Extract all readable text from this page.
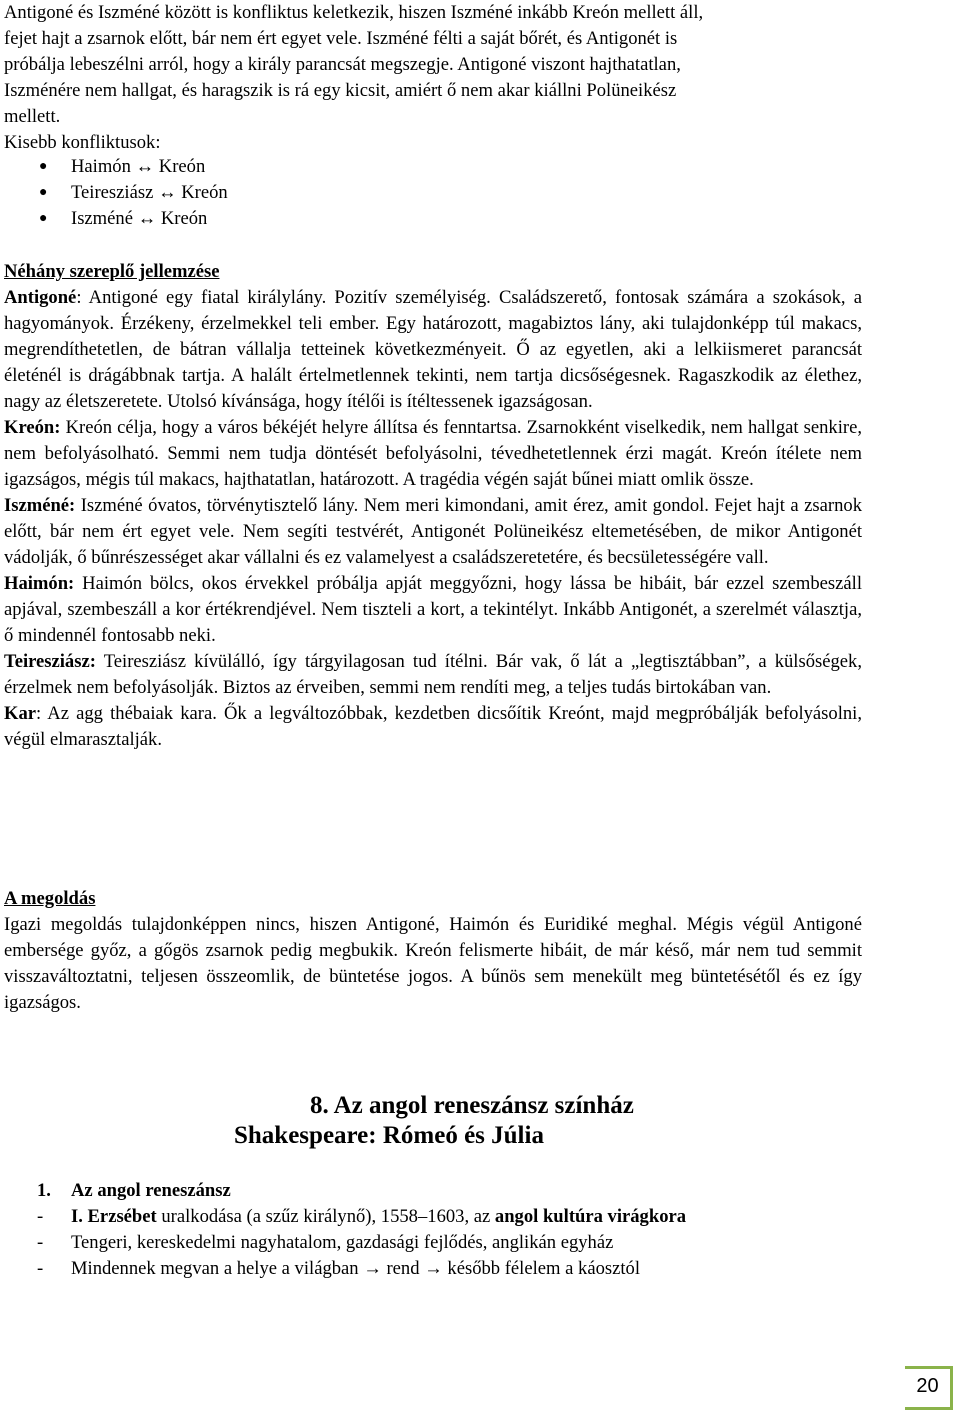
Antigoné és Iszméné között is konfliktus keletkezik, hiszen Iszméné inkább Kreón mellett áll,

fejet hajt a zsarnok előtt, bár nem ért egyet vele. Iszméné félti a saját bőrét, és Antigonét is

próbálja lebeszélni arról, hogy a király parancsát megszegje. Antigoné viszont hajthatatlan,

Iszménére nem hallgat, és haragszik is rá egy kicsit, amiért ő nem akar kiállni Polüneikész

mellett.

Kisebb konfliktusok:
● Haimón ↔ Kreón
● Teiresziász ↔ Kreón
● Iszméné ↔ Kreón
Néhány szereplő jellemzése

Antigoné: Antigoné egy fiatal királylány. Pozitív személyiség. Családszerető, fontosak számára a szokások, a hagyományok. Érzékeny, érzelmekkel teli ember. Egy határozott, magabiztos lány, aki tulajdonképp túl makacs, megrendíthetetlen, de bátran vállalja tetteinek következményeit. Ő az egyetlen, aki a lelkiismeret parancsát életénél is drágábbnak tartja. A halált értelmetlennek tekinti, nem tartja dicsőségesnek. Ragaszkodik az élethez, nagy az életszeretete. Utolsó kívánsága, hogy ítélői is ítéltessenek igazságosan.

Kreón: Kreón célja, hogy a város békéjét helyre állítsa és fenntartsa. Zsarnokként viselkedik, nem hallgat senkire, nem befolyásolható. Semmi nem tudja döntését befolyásolni, tévedhetetlennek érzi magát. Kreón ítélete nem igazságos, mégis túl makacs, hajthatatlan, határozott. A tragédia végén saját bűnei miatt omlik össze.

Iszméné: Iszméné óvatos, törvénytisztelő lány. Nem meri kimondani, amit érez, amit gondol. Fejet hajt a zsarnok előtt, bár nem ért egyet vele. Nem segíti testvérét, Antigonét Polüneikész eltemetésében, de mikor Antigonét vádolják, ő bűnrészességet akar vállalni és ez valamelyest a családszeretetére, és becsületességére vall.

Haimón: Haimón bölcs, okos érvekkel próbálja apját meggyőzni, hogy lássa be hibáit, bár ezzel szembeszáll apjával, szembeszáll a kor értékrendjével. Nem tiszteli a kort, a tekintélyt. Inkább Antigonét, a szerelmét választja, ő mindennél fontosabb neki.

Teiresziász: Teiresziász kívülálló, így tárgyilagosan tud ítélni. Bár vak, ő lát a „legtisztábban”, a külsőségek, érzelmek nem befolyásolják. Biztos az érveiben, semmi nem rendíti meg, a teljes tudás birtokában van.

Kar: Az agg thébaiak kara. Ők a legváltozóbbak, kezdetben dicsőítik Kreónt, majd megpróbálják befolyásolni, végül elmarasztalják.

A megoldás
Igazi megoldás tulajdonképpen nincs, hiszen Antigoné, Haimón és Euridiké meghal. Mégis végül Antigoné embersége győz, a gőgös zsarnok pedig megbukik. Kreón felismerte hibáit, de már késő, már nem tud semmit visszaváltoztatni, teljesen összeomlik, de büntetése jogos. A bűnös sem menekült meg büntetésétől és ez így igazságos.
8. Az angol reneszánsz színház
Shakespeare: Rómeó és Júlia
1. Az angol reneszánsz
- I. Erzsébet uralkodása (a szűz királynő), 1558–1603, az angol kultúra virágkora
- Tengeri, kereskedelmi nagyhatalom, gazdasági fejlődés, anglikán egyház
- Mindennek megvan a helye a világban → rend → később félelem a káosztól
20
